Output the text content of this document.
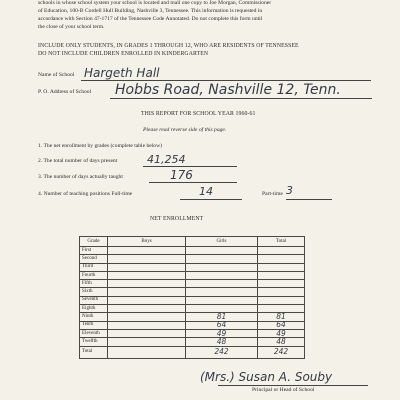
schools in whose school system your school is located and mail one copy to Joe Morgan, Commissioner
of Education, 100-B Cordell Hull Building, Nashville 3, Tennessee. This information is requested in
accordance with Section 47-1717 of the Tennessee Code Annotated. Do not complete this form until
the close of your school term.
INCLUDE ONLY STUDENTS, IN GRADES 1 THROUGH 12, WHO ARE RESIDENTS OF TENNESSEE
DO NOT INCLUDE CHILDREN ENROLLED IN KINDERGARTEN
Name of School Hargeth Hall
P. O. Address of School Hobbs Road, Nashville 12, Tenn.
THIS REPORT FOR SCHOOL YEAR 1960-61
Please read reverse side of this page.
1. The net enrollment by grades (complete table below)
2. The total number of days present	41,254
3. The number of days actually taught	176
4. Number of teaching positions Full-time	14	Part-time 3
NET ENROLLMENT
Grade	Boys	Girls	Total
First			
Second			
Third			
Fourth			
Fifth			
Sixth			
Seventh			
Eighth			
Ninth		81	81
Tenth		64	64
Eleventh		49	49
Twelfth		48	48
Total		242	242
(Mrs.) Susan A. Souby
Principal or Head of School
